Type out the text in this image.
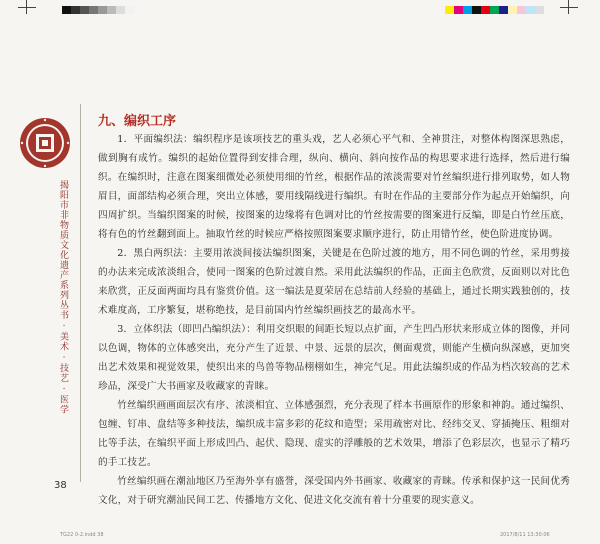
揭阳市非物质文化遗产系列丛书 · 美术 · 技艺 · 医学
九、编织工序

1．平面编织法：编织程序是该项技艺的重头戏，艺人必须心平气和、全神贯注，对整体构图深思熟虑，做到胸有成竹。编织的起始位置得到安排合理，纵向、横向、斜向按作品的构思要求进行选择，然后进行编织。在编织时，注意在图案细微处必须使用细的竹丝，根据作品的浓淡需要对竹丝编织进行排列取势，如人物眉目，面部结构必须合理，突出立体感，要用线隔线进行编织。有时在作品的主要部分作为起点开始编织，向四周扩织。当编织图案的时候，按图案的边缘将有色调对比的竹丝按需要的图案进行反编，即是白竹丝压底，将有色的竹丝翻到面上。抽取竹丝的时候应严格按照图案要求顺序进行，防止用错竹丝，使色阶进度协调。

2．黑白两织法：主要用浓淡间接法编织图案，关键是在色阶过渡的地方，用不同色调的竹丝，采用剪接的办法来完成浓淡组合，使同一图案的色阶过渡自然。采用此法编织的作品，正面主色欣赏，反面则以对比色来欣赏，正反面两面均具有鉴赏价值。这一编法是夏荣居在总结前人经验的基础上，通过长期实践独创的，技术难度高，工序繁复，堪称绝技，是目前国内竹丝编织画技艺的最高水平。

3．立体织法（即凹凸编织法）：利用交织眼的间距长短以点扩面，产生凹凸形状来形成立体的图像，并同以色调，物体的立体感突出，充分产生了近景、中景、远景的层次，侧面观赏，则能产生横向纵深感，更加突出艺术效果和视觉效果，使织出来的鸟兽等物品栩栩如生，神完气足。用此法编织成的作品为档次较高的艺术珍品，深受广大书画家及收藏家的青睐。

竹丝编织画画面层次有序、浓淡相宜、立体感强烈，充分表现了样本书画原作的形象和神韵。通过编织、包缠、钉串、盘结等多种技法，编织成丰富多彩的花纹和造型；采用疏密对比、经纬交叉、穿插掩压、粗细对比等手法，在编织平面上形成凹凸、起伏、隐现、虚实的浮雕般的艺术效果，增添了色彩层次，也显示了精巧的手工技艺。

竹丝编织画在潮汕地区乃至海外享有盛誉，深受国内外书画家、收藏家的青睐。传承和保护这一民间优秀文化，对于研究潮汕民间工艺、传播地方文化、促进文化交流有着十分重要的现实意义。

38
TG22 0-2.indd 38	2017/8/11 13:30:06
